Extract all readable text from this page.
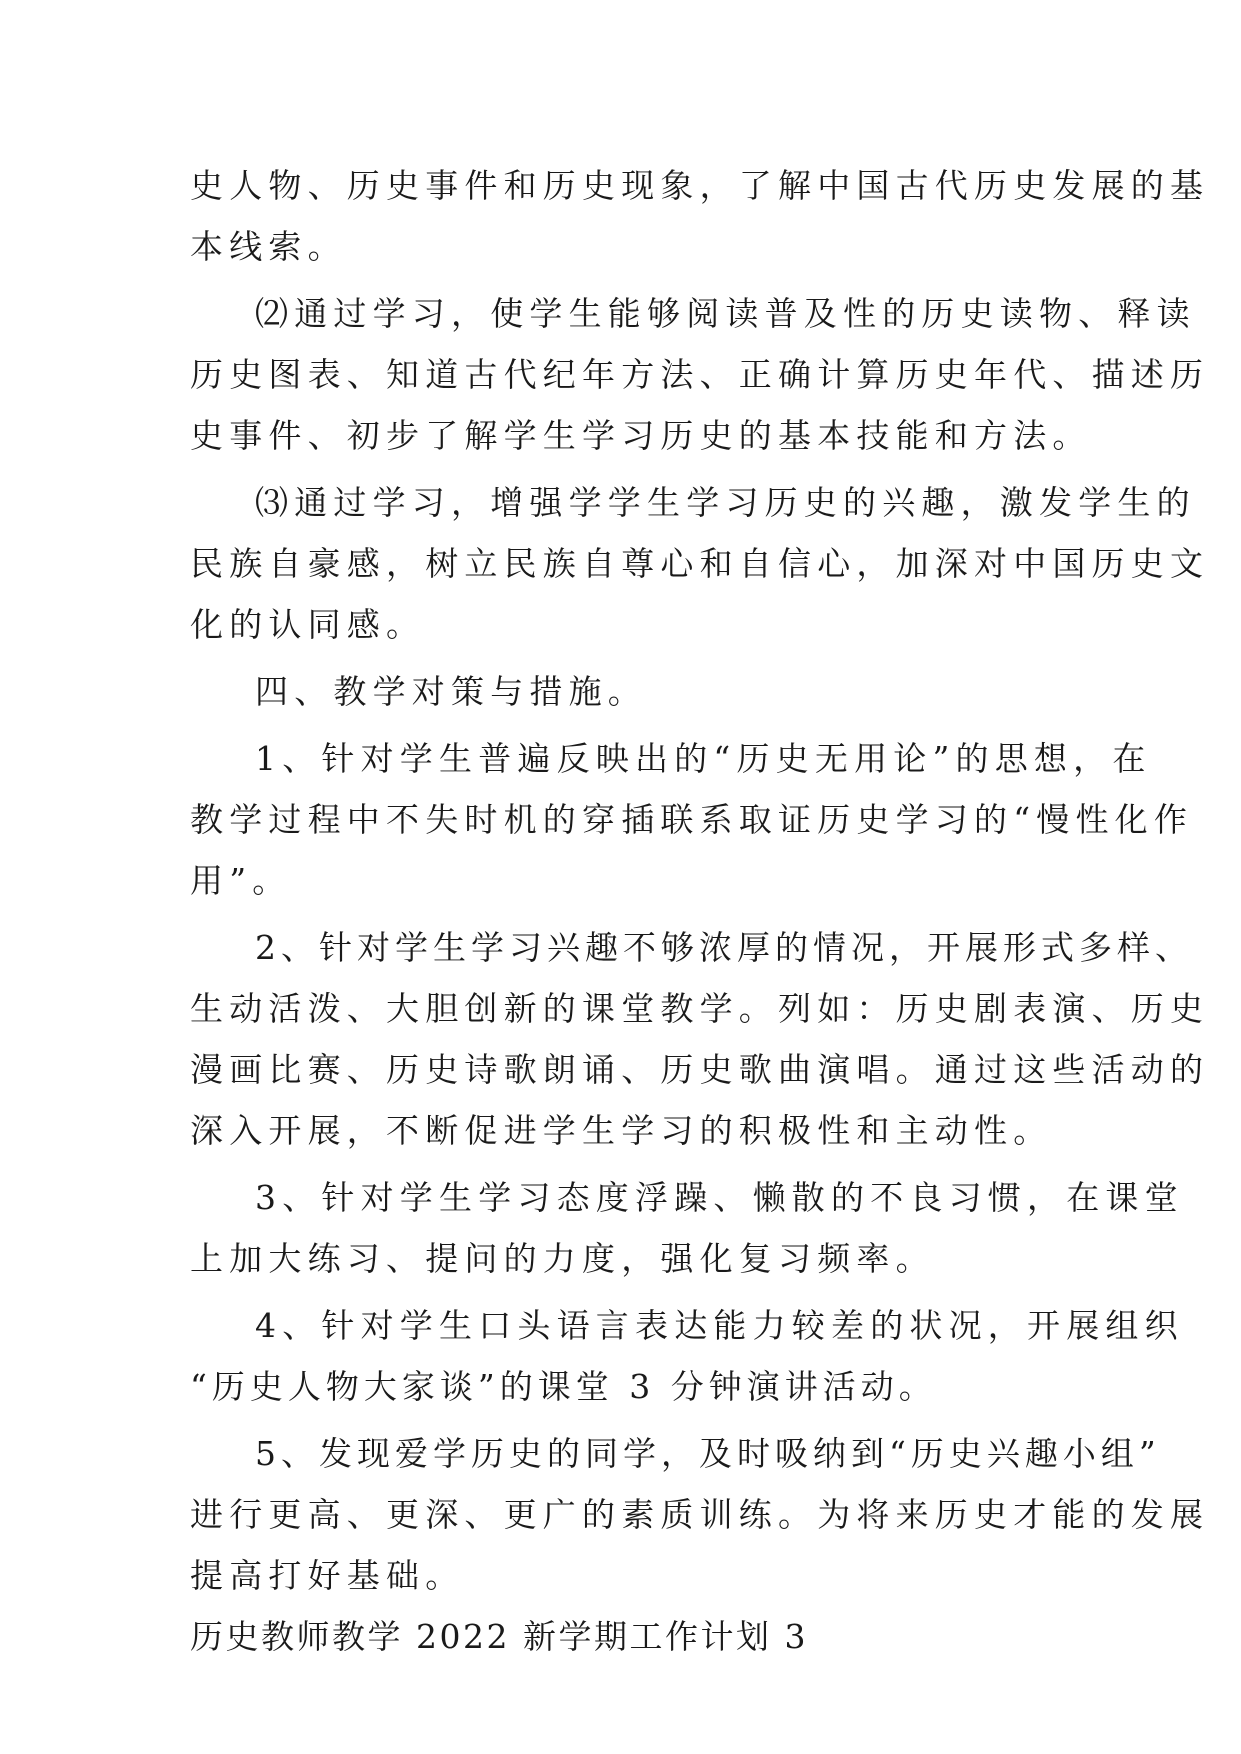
史人物、历史事件和历史现象，了解中国古代历史发展的基
本线索。
⑵通过学习，使学生能够阅读普及性的历史读物、释读
历史图表、知道古代纪年方法、正确计算历史年代、描述历
史事件、初步了解学生学习历史的基本技能和方法。
⑶通过学习，增强学学生学习历史的兴趣，激发学生的
民族自豪感，树立民族自尊心和自信心，加深对中国历史文
化的认同感。
四、教学对策与措施。
1、针对学生普遍反映出的“历史无用论”的思想，在
教学过程中不失时机的穿插联系取证历史学习的“慢性化作
用”。
2、针对学生学习兴趣不够浓厚的情况，开展形式多样、
生动活泼、大胆创新的课堂教学。列如：历史剧表演、历史
漫画比赛、历史诗歌朗诵、历史歌曲演唱。通过这些活动的
深入开展，不断促进学生学习的积极性和主动性。
3、针对学生学习态度浮躁、懒散的不良习惯，在课堂
上加大练习、提问的力度，强化复习频率。
4、针对学生口头语言表达能力较差的状况，开展组织
“历史人物大家谈”的课堂 3 分钟演讲活动。
5、发现爱学历史的同学，及时吸纳到“历史兴趣小组”
进行更高、更深、更广的素质训练。为将来历史才能的发展
提高打好基础。
历史教师教学 2022 新学期工作计划 3
